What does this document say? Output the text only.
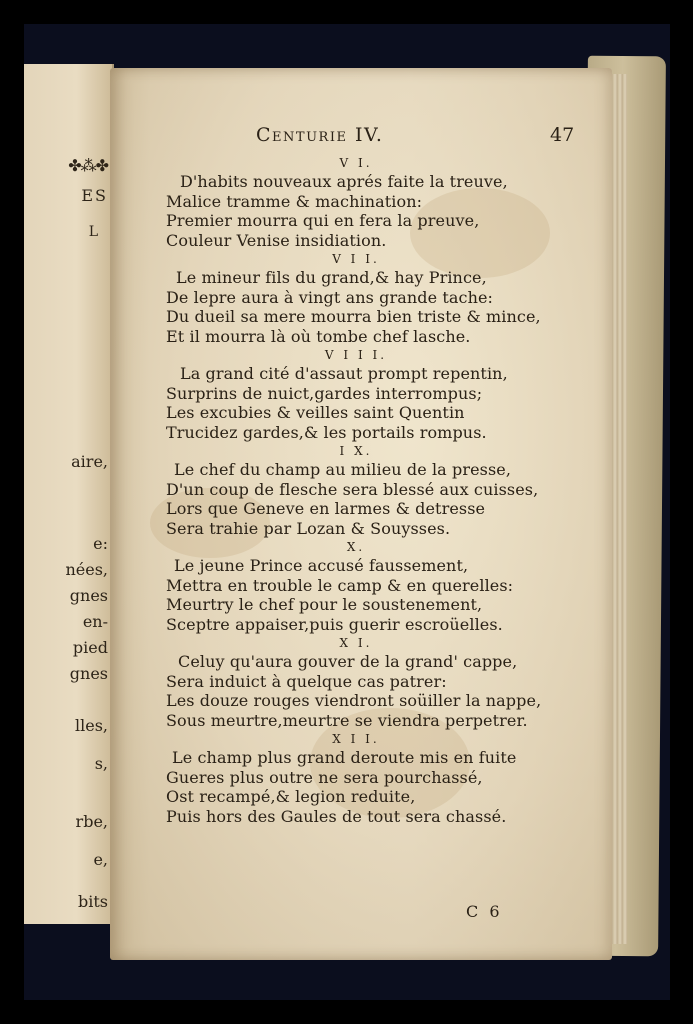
✤⁂✤
ES
L
aire,
e:
nées,
gnes
en-
pied
gnes
lles,
s,
rbe,
e,
bits
Centurie IV.	47
V I.
D'habits nouveaux aprés faite la treuve,
Malice tramme & machination:
Premier mourra qui en fera la preuve,
Couleur Venise insidiation.
V I I.
Le mineur fils du grand,& hay Prince,
De lepre aura à vingt ans grande tache:
Du dueil sa mere mourra bien triste & mince,
Et il mourra là où tombe chef lasche.
V I I I.
La grand cité d'assaut prompt repentin,
Surprins de nuict,gardes interrompus;
Les excubies & veilles saint Quentin
Trucidez gardes,& les portails rompus.
I X.
Le chef du champ au milieu de la presse,
D'un coup de flesche sera blessé aux cuisses,
Lors que Geneve en larmes & detresse
Sera trahie par Lozan & Souysses.
X.
Le jeune Prince accusé faussement,
Mettra en trouble le camp & en querelles:
Meurtry le chef pour le soustenement,
Sceptre appaiser,puis guerir escroüelles.
X I.
Celuy qu'aura gouver de la grand' cappe,
Sera induict à quelque cas patrer:
Les douze rouges viendront soüiller la nappe,
Sous meurtre,meurtre se viendra perpetrer.
X I I.
Le champ plus grand deroute mis en fuite
Gueres plus outre ne sera pourchassé,
Ost recampé,& legion reduite,
Puis hors des Gaules de tout sera chassé.
C 6
